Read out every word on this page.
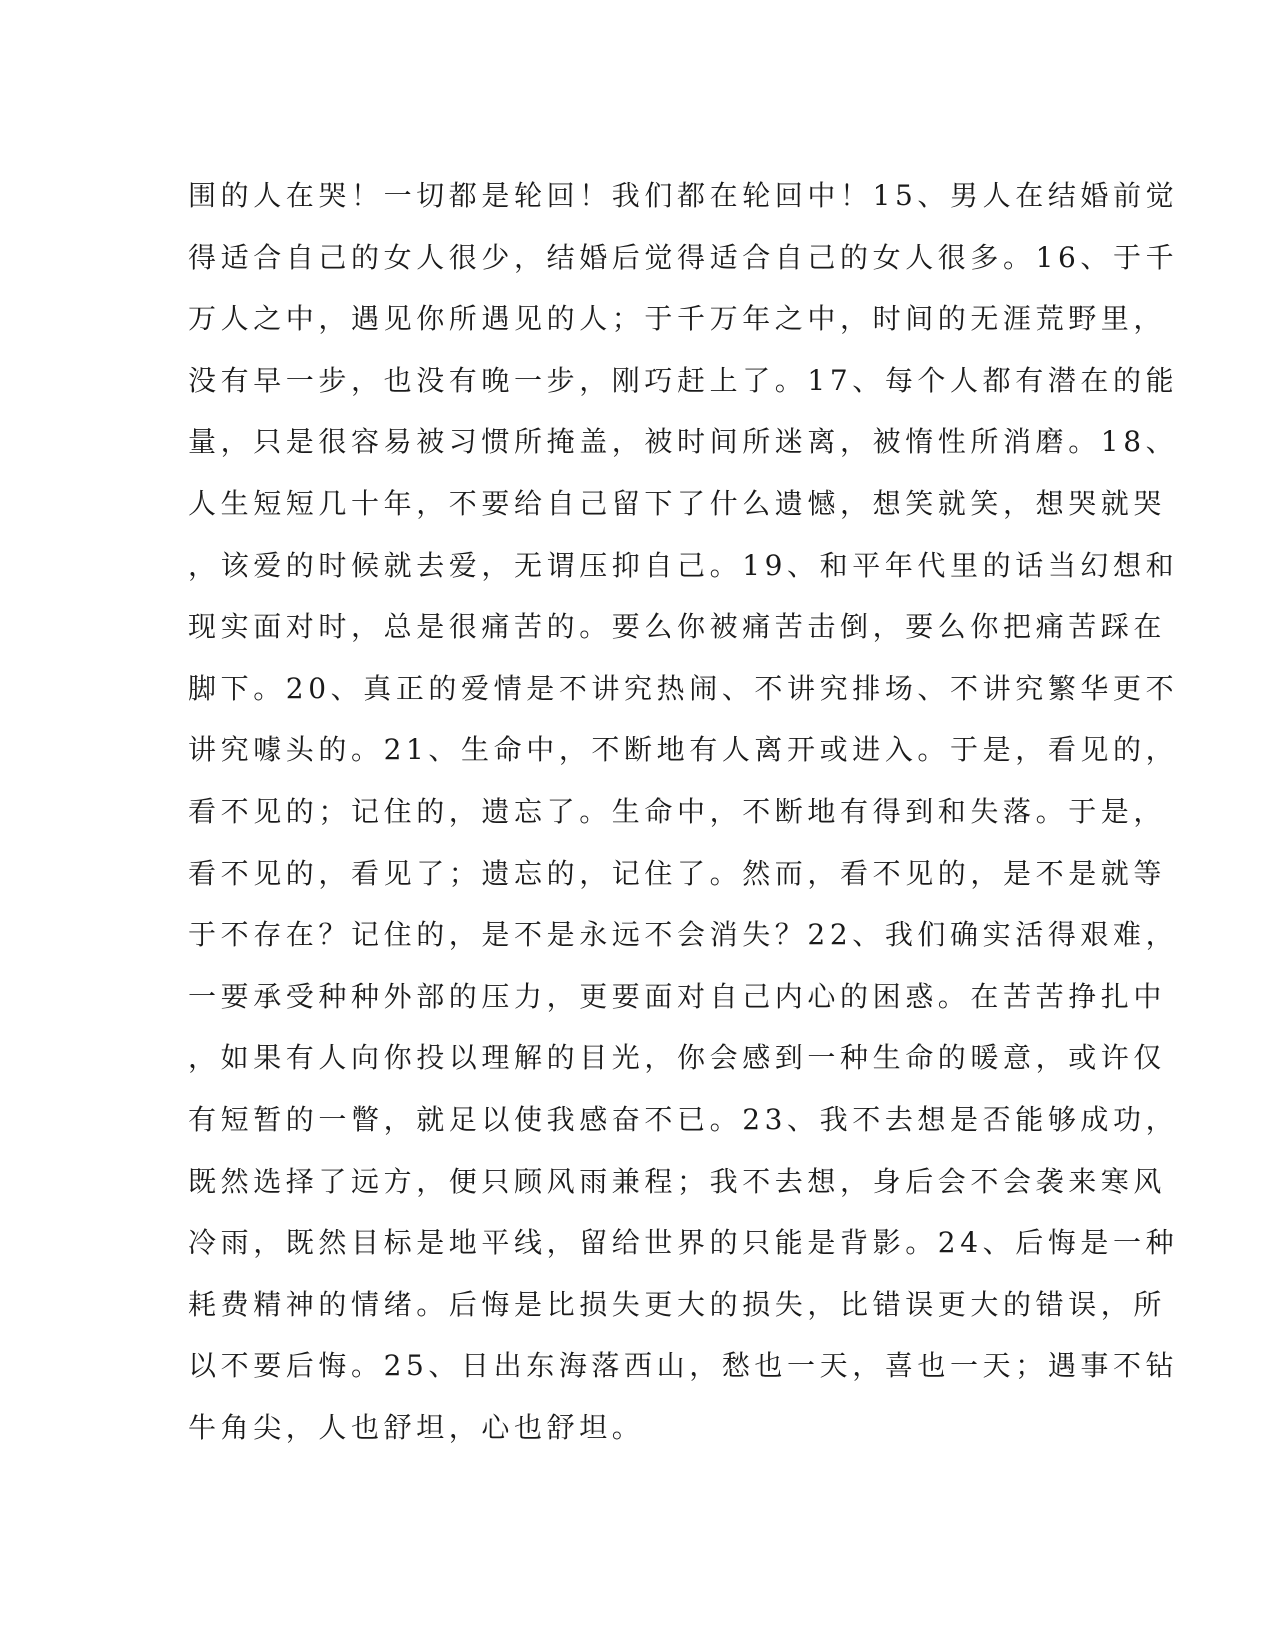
围的人在哭！一切都是轮回！我们都在轮回中！15、男人在结婚前觉
得适合自己的女人很少，结婚后觉得适合自己的女人很多。16、于千
万人之中，遇见你所遇见的人；于千万年之中，时间的无涯荒野里，
没有早一步，也没有晚一步，刚巧赶上了。17、每个人都有潜在的能
量，只是很容易被习惯所掩盖，被时间所迷离，被惰性所消磨。18、
人生短短几十年，不要给自己留下了什么遗憾，想笑就笑，想哭就哭
，该爱的时候就去爱，无谓压抑自己。19、和平年代里的话当幻想和
现实面对时，总是很痛苦的。要么你被痛苦击倒，要么你把痛苦踩在
脚下。20、真正的爱情是不讲究热闹、不讲究排场、不讲究繁华更不
讲究噱头的。21、生命中，不断地有人离开或进入。于是，看见的，
看不见的；记住的，遗忘了。生命中，不断地有得到和失落。于是，
看不见的，看见了；遗忘的，记住了。然而，看不见的，是不是就等
于不存在？记住的，是不是永远不会消失？22、我们确实活得艰难，
一要承受种种外部的压力，更要面对自己内心的困惑。在苦苦挣扎中
，如果有人向你投以理解的目光，你会感到一种生命的暖意，或许仅
有短暂的一瞥，就足以使我感奋不已。23、我不去想是否能够成功，
既然选择了远方，便只顾风雨兼程；我不去想，身后会不会袭来寒风
冷雨，既然目标是地平线，留给世界的只能是背影。24、后悔是一种
耗费精神的情绪。后悔是比损失更大的损失，比错误更大的错误，所
以不要后悔。25、日出东海落西山，愁也一天，喜也一天；遇事不钻
牛角尖，人也舒坦，心也舒坦。
